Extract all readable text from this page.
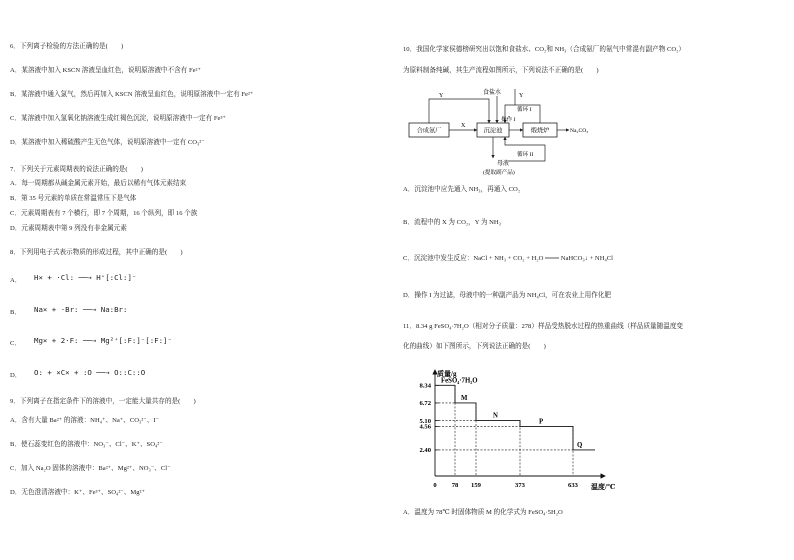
6．下列离子检验的方法正确的是(　　)
A．某溶液中加入 KSCN 溶液呈血红色，说明原溶液中不含有 Fe²⁺
B．某溶液中通入氯气，然后再加入 KSCN 溶液呈血红色，说明原溶液中一定有 Fe²⁺
C．某溶液中加入氢氧化钠溶液生成红褐色沉淀，说明原溶液中一定有 Fe³⁺
D．某溶液中加入稀硫酸产生无色气体，说明原溶液中一定有 CO₃²⁻
7．下列关于元素周期表的说法正确的是(　　)
A．每一周期都从碱金属元素开始，最后以稀有气体元素结束
B．第 35 号元素的单质在常温常压下是气体
C．元素周期表有 7 个横行，即 7 个周期，16 个纵列，即 16 个族
D．元素周期表中第 9 列没有非金属元素
8．下列用电子式表示物质的形成过程，其中正确的是(　　)
A． H× + ·Cl: ──→ H⁺[:Cl:]⁻
B． Na× + ·Br: ──→ Na:Br:
C． Mg× + 2·F: ──→ Mg²⁺[:F:]⁻[:F:]⁻
D． O: + ×C× + :O ──→ O::C::O
9．下列离子在指定条件下的溶液中，一定能大量共存的是(　　)
A．含有大量 Ba²⁺ 的溶液：NH₄⁺、Na⁺、CO₃²⁻、I⁻
B．使石蕊变红色的溶液中：NO₃⁻、Cl⁻、K⁺、SO₄²⁻
C．加入 Na₂O 固体的溶液中：Ba²⁺、Mg²⁺、NO₃⁻、Cl⁻
D．无色澄清溶液中：K⁺、Fe³⁺、SO₄²⁻、Mg²⁺
10．我国化学家侯德榜研究出以饱和食盐水、CO₂和 NH₃（合成氨厂的氨气中常混有副产物 CO₂）
为原料制备纯碱，其生产流程如图所示，下列说法不正确的是(　　)
合成氨厂	沉淀池	煅烧炉
X
Y	食盐水	Y
循环 I
操作 I
Na₂CO₃
母液
(提取副产品)
循环 II
A．沉淀池中应先通入 NH₃，再通入 CO₂
B．流程中的 X 为 CO₂，Y 为 NH₃
C．沉淀池中发生反应：NaCl + NH₃ + CO₂ + H₂O ═══ NaHCO₃↓ + NH₄Cl
D．操作 I 为过滤，母液中的一种副产品为 NH₄Cl，可在农业上用作化肥
11．8.34 g FeSO₄·7H₂O（相对分子质量：278）样品受热脱水过程的热重曲线（样品质量随温度变
化的曲线）如下图所示，下列说法正确的是(　　)
质量/g
温度/℃
2.40
4.56
5.10
6.72
8.34
0 78 159	373	633
FeSO₄·7H₂O
M
N
P
Q
A．温度为 78℃ 时固体物质 M 的化学式为 FeSO₄·5H₂O
